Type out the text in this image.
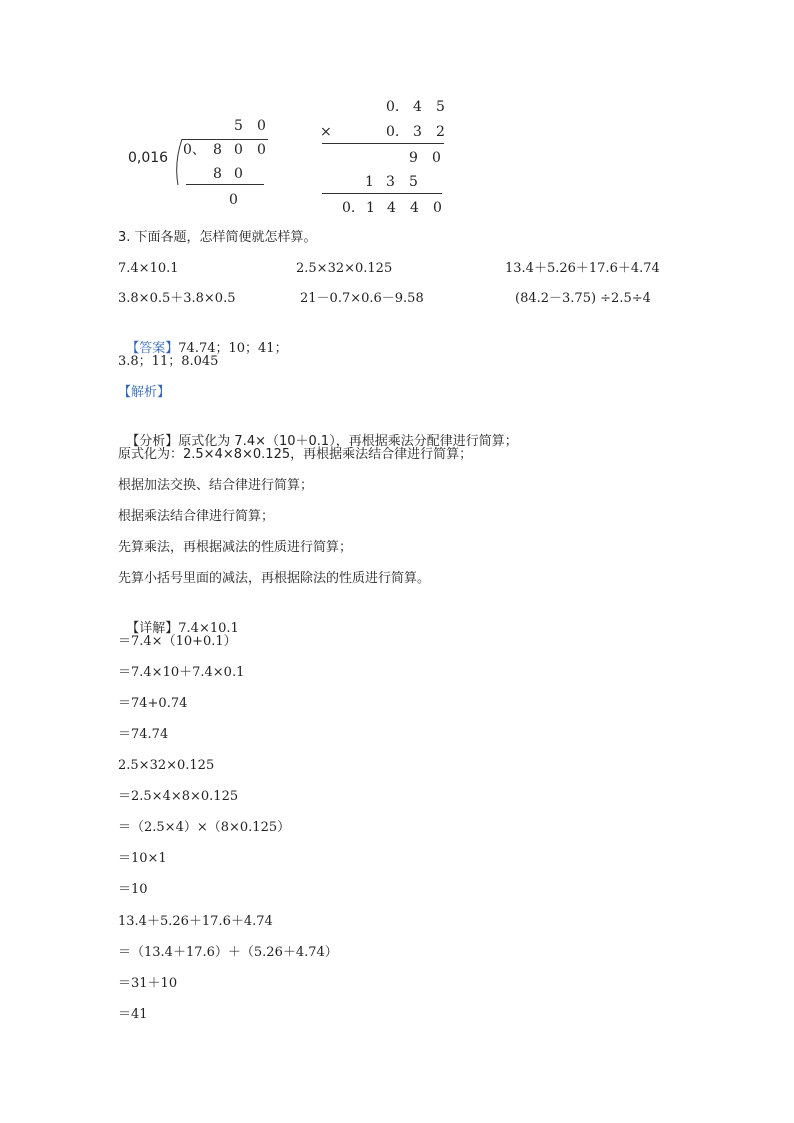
0,016
5 0
0、 8 0 0
8 0
0
0. 4 5
×	0. 3 2
9 0
1 3 5
0. 1 4 4 0
3. 下面各题，怎样简便就怎样算。
7.4×10.1	2.5×32×0.125	13.4＋5.26＋17.6＋4.74
3.8×0.5＋3.8×0.5	21－0.7×0.6－9.58	(84.2－3.75) ÷2.5÷4

【答案】74.74；10；41；

3.8；11；8.045
【解析】

【分析】原式化为 7.4×（10＋0.1），再根据乘法分配律进行简算；

原式化为：2.5×4×8×0.125，再根据乘法结合律进行简算；
根据加法交换、结合律进行简算；
根据乘法结合律进行简算；
先算乘法，再根据减法的性质进行简算；
先算小括号里面的减法，再根据除法的性质进行简算。

【详解】7.4×10.1

＝7.4×（10+0.1）
＝7.4×10＋7.4×0.1
＝74+0.74
＝74.74
2.5×32×0.125
＝2.5×4×8×0.125
＝（2.5×4）×（8×0.125）
＝10×1
＝10
13.4＋5.26＋17.6＋4.74
＝（13.4＋17.6）＋（5.26＋4.74）
＝31＋10
＝41
